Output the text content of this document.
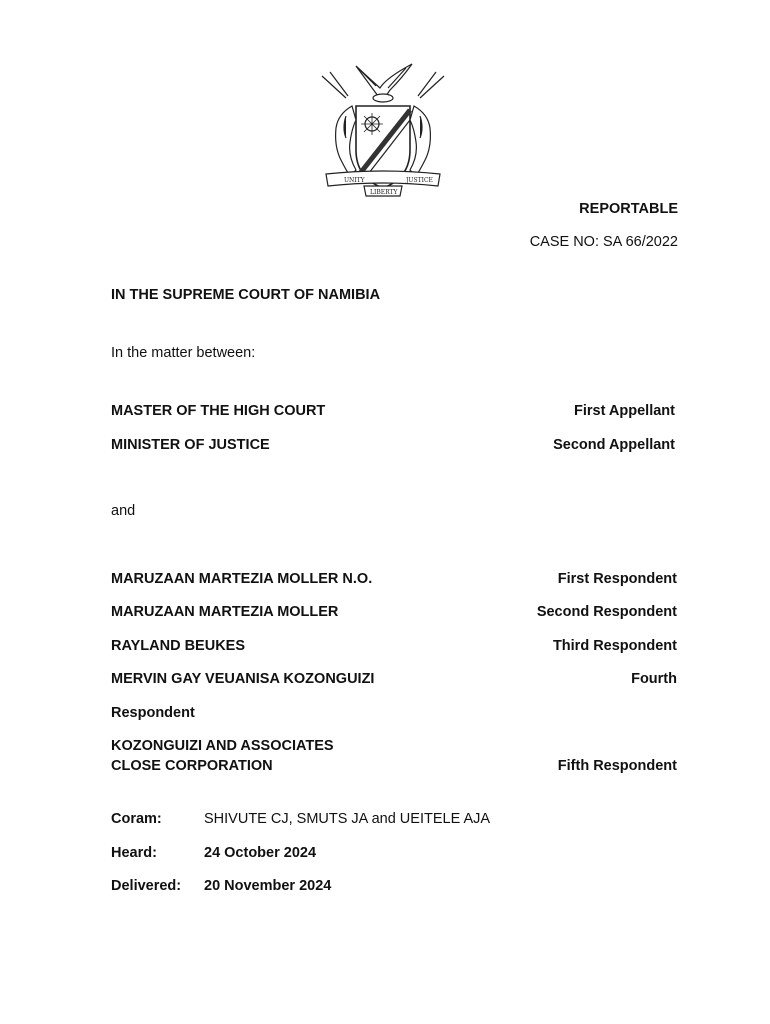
UNITY
LIBERTY
JUSTICE
REPORTABLE
CASE NO: SA 66/2022
IN THE SUPREME COURT OF NAMIBIA
In the matter between:
MASTER OF THE HIGH COURT	First Appellant
MINISTER OF JUSTICE	Second Appellant
and
MARUZAAN MARTEZIA MOLLER N.O.	First Respondent
MARUZAAN MARTEZIA MOLLER	Second Respondent
RAYLAND BEUKES	Third Respondent
MERVIN GAY VEUANISA KOZONGUIZI	Fourth
Respondent
KOZONGUIZI AND ASSOCIATES
CLOSE CORPORATION	Fifth Respondent
Coram:	SHIVUTE CJ, SMUTS JA and UEITELE AJA
Heard:	24 October 2024
Delivered: 20 November 2024
